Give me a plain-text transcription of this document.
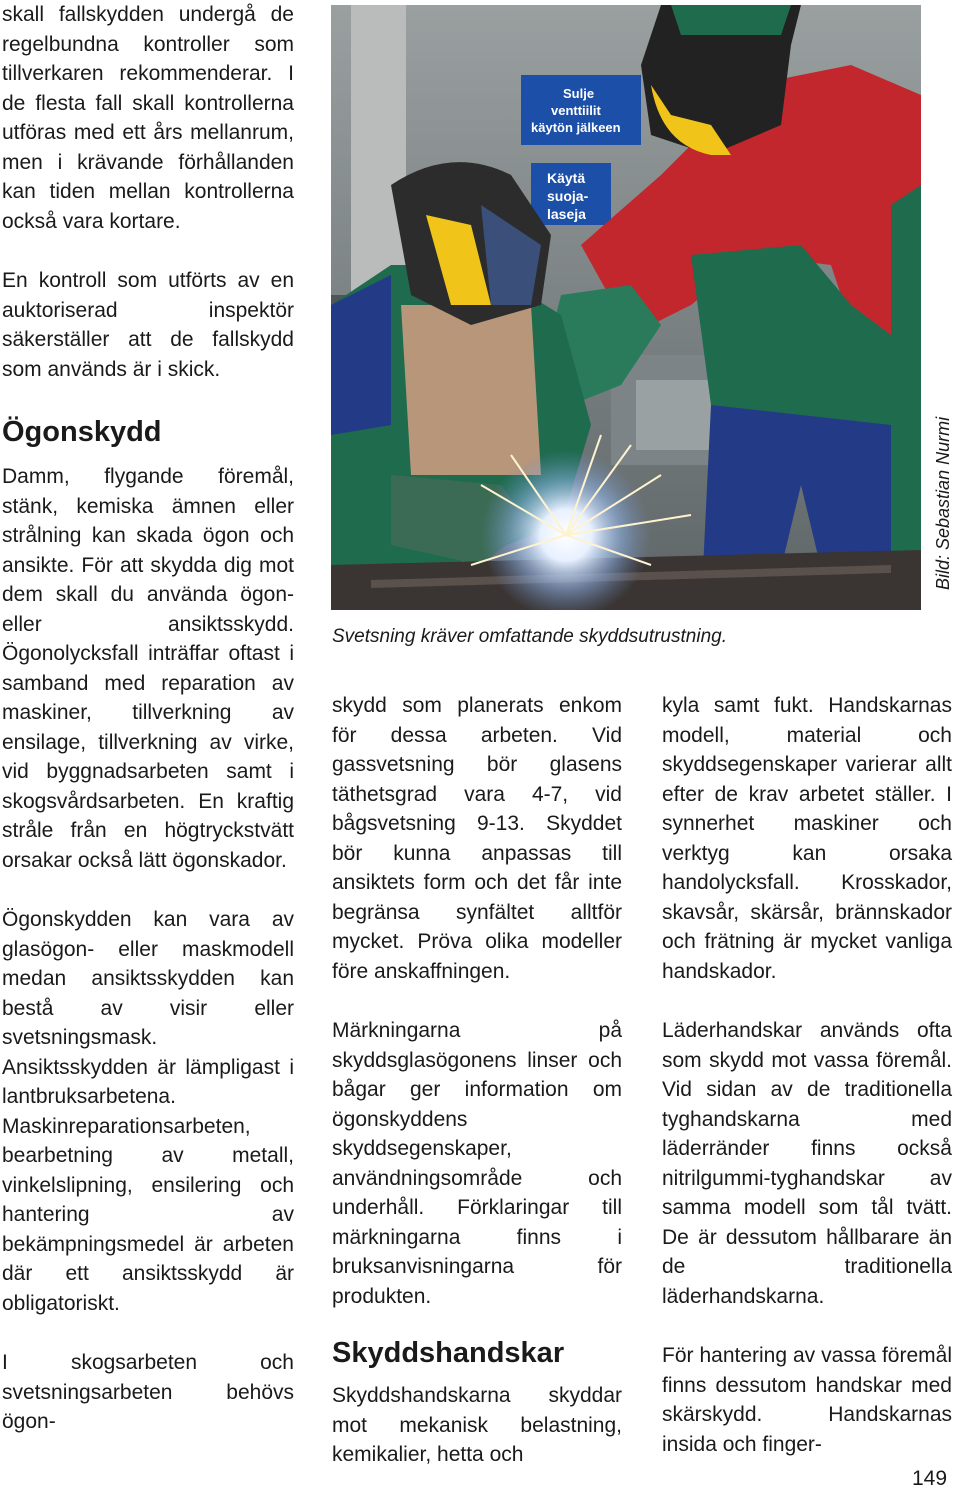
skall fallskydden undergå de regelbundna kontroller som tillverkaren rekommenderar. I de flesta fall skall kontrollerna utföras med ett års mellanrum, men i krävande förhållanden kan tiden mellan kontrollerna också vara kortare.

En kontroll som utförts av en auktoriserad inspektör säkerställer att de fallskydd som används är i skick.

Ögonskydd

Damm, flygande föremål, stänk, kemiska ämnen eller strålning kan skada ögon och ansikte. För att skydda dig mot dem skall du använda ögon- eller ansiktsskydd. Ögonolycksfall inträffar oftast i samband med reparation av maskiner, tillverkning av ensilage, tillverkning av virke, vid byggnadsarbeten samt i skogsvårdsarbeten. En kraftig stråle från en högtryckstvätt orsakar också lätt ögonskador.

Ögonskydden kan vara av glasögon- eller maskmodell medan ansiktsskydden kan bestå av visir eller svetsningsmask. Ansiktsskydden är lämpligast i lantbruksarbetena. Maskinreparationsarbeten, bearbetning av metall, vinkelslipning, ensilering och hantering av bekämpningsmedel är arbeten där ett ansiktsskydd är obligatoriskt.

I skogsarbeten och svetsningsarbeten behövs ögon-

Sulje
venttiilit
käytön jälkeen
Käytä
suoja-
laseja
Bild: Sebastian Nurmi
Svetsning kräver omfattande skyddsutrustning.

skydd som planerats enkom för dessa arbeten. Vid gassvetsning bör glasens täthetsgrad vara 4-7, vid bågsvetsning 9-13. Skyddet bör kunna anpassas till ansiktets form och det får inte begränsa synfältet alltför mycket. Pröva olika modeller före anskaffningen.

Märkningarna på skyddsglasögonens linser och bågar ger information om ögonskyddens skyddsegenskaper, användningsområde och underhåll. Förklaringar till märkningarna finns i bruksanvisningarna för produkten.

Skyddshandskar

Skyddshandskarna skyddar mot mekanisk belastning, kemikalier, hetta och

kyla samt fukt. Handskarnas modell, material och skyddsegenskaper varierar allt efter de krav arbetet ställer. I synnerhet maskiner och verktyg kan orsaka handolycksfall. Krosskador, skavsår, skärsår, brännskador och frätning är mycket vanliga handskador.

Läderhandskar används ofta som skydd mot vassa föremål. Vid sidan av de traditionella tyghandskarna med läderränder finns också nitrilgummi-tyghandskar av samma modell som tål tvätt. De är dessutom hållbarare än de traditionella läderhandskarna.

För hantering av vassa föremål finns dessutom handskar med skärskydd. Handskarnas insida och finger-

149
